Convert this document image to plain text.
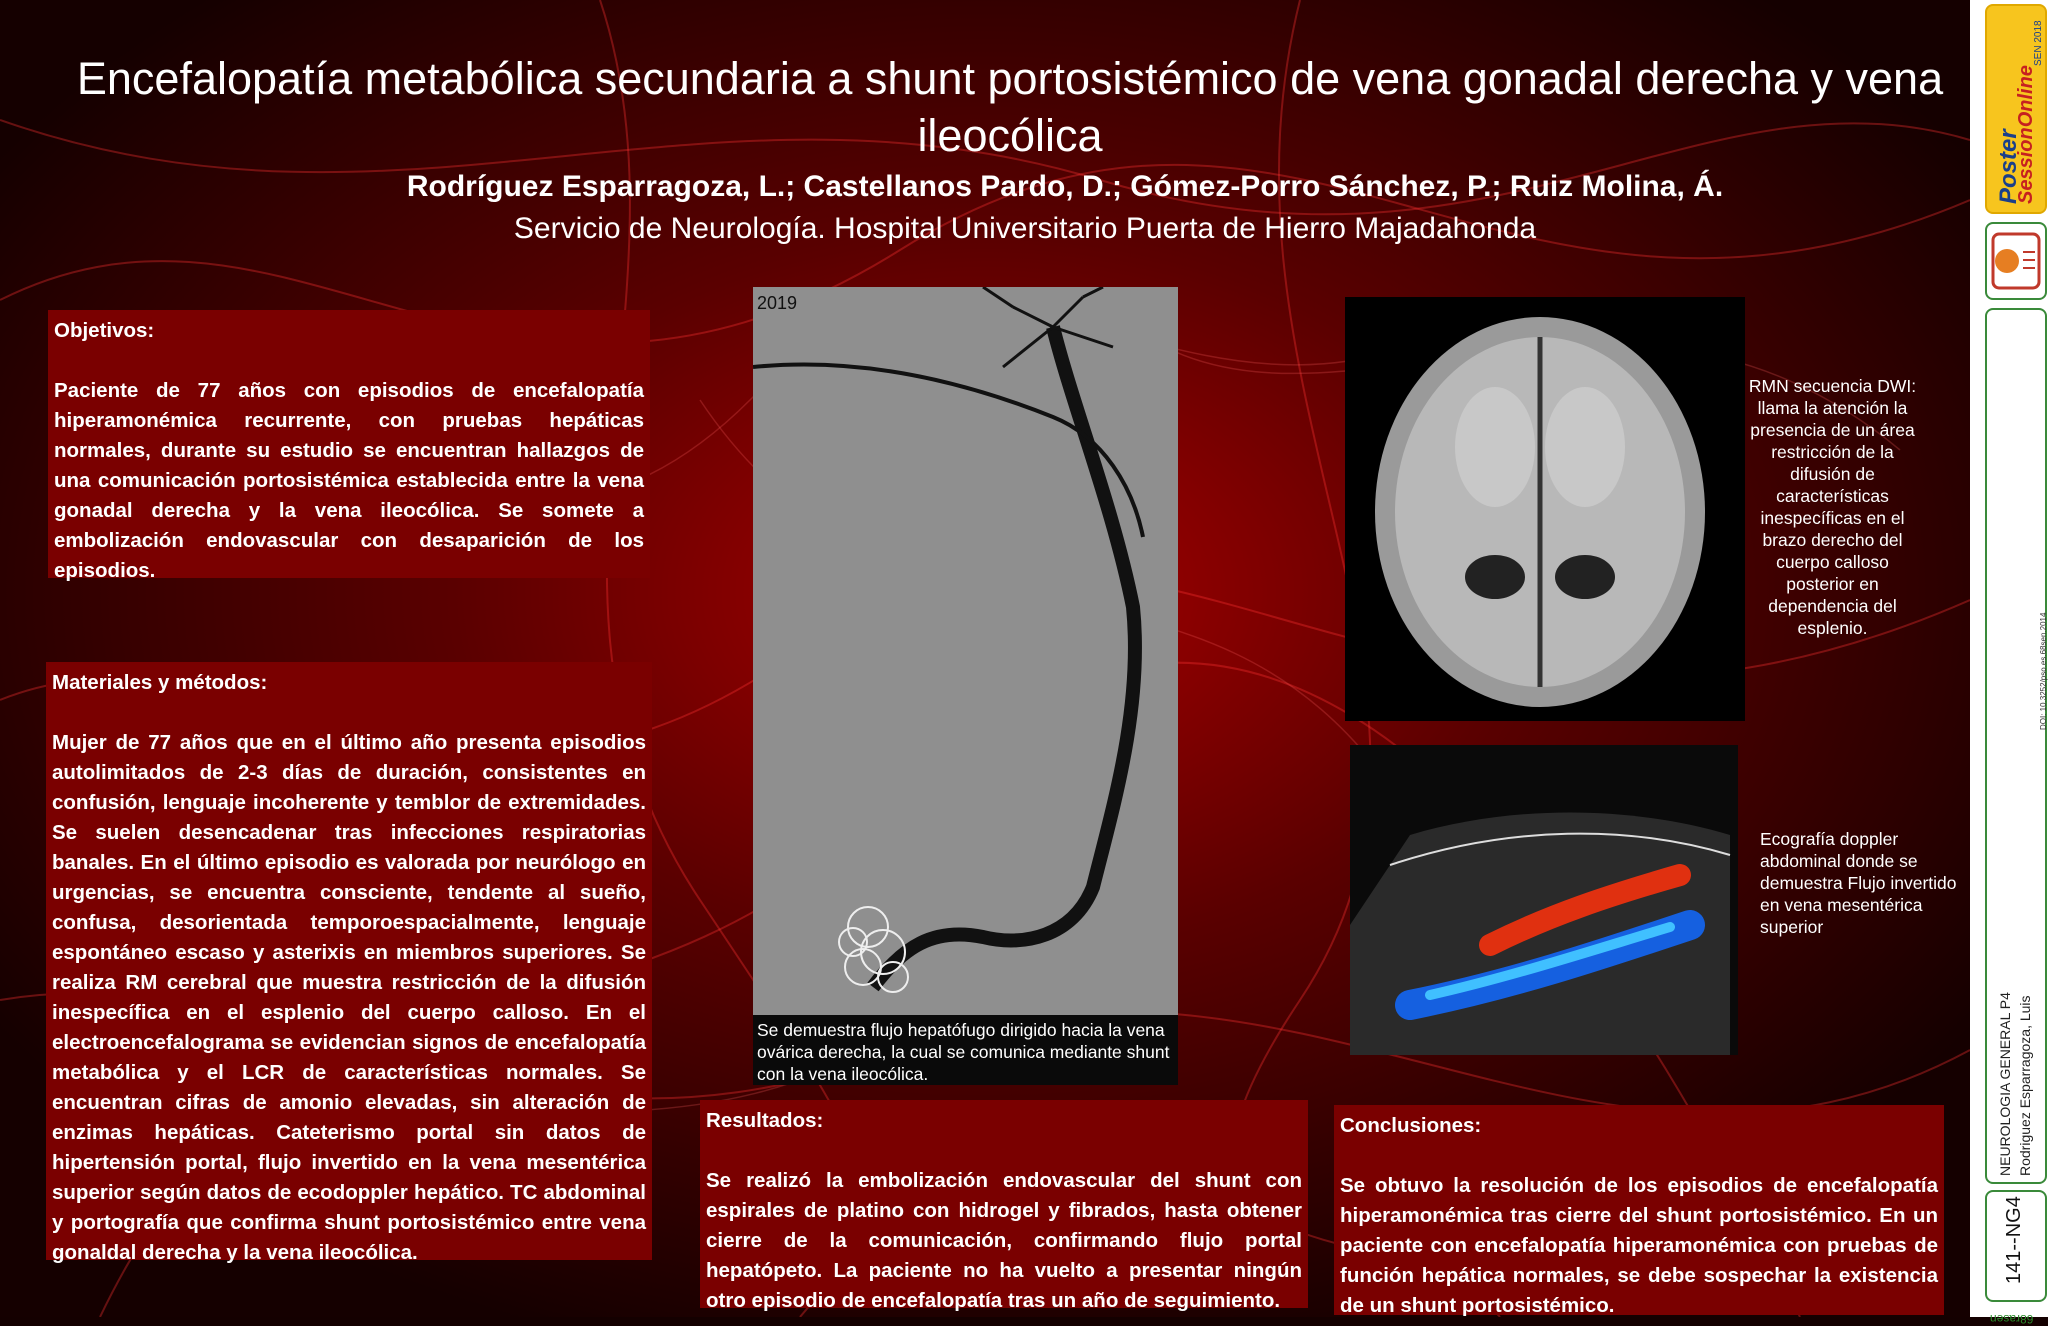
Encefalopatía metabólica secundaria a shunt portosistémico de vena gonadal derecha y vena ileocólica
Rodríguez Esparragoza, L.; Castellanos Pardo, D.; Gómez-Porro Sánchez, P.; Ruiz Molina, Á.
Servicio de Neurología. Hospital Universitario Puerta de Hierro Majadahonda
Objetivos:
Paciente de 77 años con episodios de encefalopatía hiperamonémica recurrente, con pruebas hepáticas normales, durante su estudio se encuentran hallazgos de una comunicación portosistémica establecida entre la vena gonadal derecha y la vena ileocólica. Se somete a embolización endovascular con desaparición de los episodios.
Materiales y métodos:
Mujer de 77 años que en el último año presenta episodios autolimitados de 2-3 días de duración, consistentes en confusión, lenguaje incoherente y temblor de extremidades. Se suelen desencadenar tras infecciones respiratorias banales. En el último episodio es valorada por neurólogo en urgencias, se encuentra consciente, tendente al sueño, confusa, desorientada temporoespacialmente, lenguaje espontáneo escaso y asterixis en miembros superiores. Se realiza RM cerebral que muestra restricción de la difusión inespecífica en el esplenio del cuerpo calloso. En el electroencefalograma se evidencian signos de encefalopatía metabólica y el LCR de características normales. Se encuentran cifras de amonio elevadas, sin alteración de enzimas hepáticas. Cateterismo portal sin datos de hipertensión portal, flujo invertido en la vena mesentérica superior según datos de ecodoppler hepático. TC abdominal y portografía que confirma shunt portosistémico entre vena gonaldal derecha y la vena ileocólica.
2019
Se demuestra flujo hepatófugo dirigido hacia la vena ovárica derecha, la cual se comunica mediante shunt con la vena ileocólica.
RMN secuencia DWI: llama la atención la presencia de un área restricción de la difusión de características inespecíficas en el brazo derecho del cuerpo calloso posterior en dependencia del esplenio.
Ecografía doppler abdominal donde se demuestra Flujo invertido en vena mesentérica superior
Resultados:
Se realizó la embolización endovascular del shunt con espirales de platino con hidrogel y fibrados, hasta obtener cierre de la comunicación, confirmando flujo portal hepatópeto. La paciente no ha vuelto a presentar ningún otro episodio de encefalopatía tras un año de seguimiento.
Conclusiones:
Se obtuvo la resolución de los episodios de encefalopatía hiperamonémica tras cierre del shunt portosistémico. En un paciente con encefalopatía hiperamonémica con pruebas de función hepática normales, se debe sospechar la existencia de un shunt portosistémico.
Poster
SessionOnline
SEN 2018
DOI: 10.3252/pso.es.68sen.2014
NEUROLOGIA GENERAL P4 Rodriguez Esparragoza, Luis
141--NG4
68rasen
